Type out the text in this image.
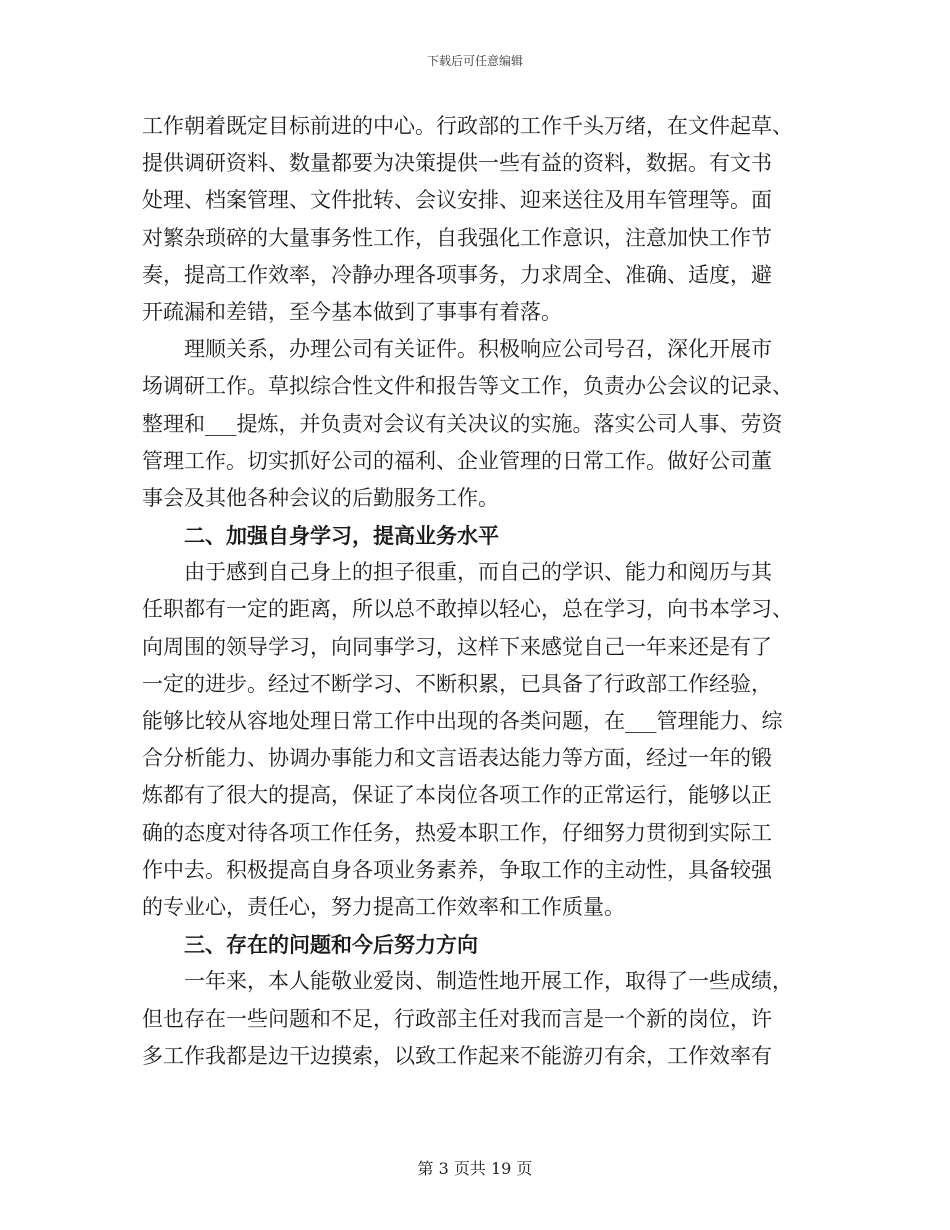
下载后可任意编辑
工作朝着既定目标前进的中心。行政部的工作千头万绪，在文件起草、
提供调研资料、数量都要为决策提供一些有益的资料，数据。有文书
处理、档案管理、文件批转、会议安排、迎来送往及用车管理等。面
对繁杂琐碎的大量事务性工作，自我强化工作意识，注意加快工作节
奏，提高工作效率，冷静办理各项事务，力求周全、准确、适度，避
开疏漏和差错，至今基本做到了事事有着落。
理顺关系，办理公司有关证件。积极响应公司号召，深化开展市
场调研工作。草拟综合性文件和报告等文工作，负责办公会议的记录、
整理和___提炼，并负责对会议有关决议的实施。落实公司人事、劳资
管理工作。切实抓好公司的福利、企业管理的日常工作。做好公司董
事会及其他各种会议的后勤服务工作。
二、加强自身学习，提高业务水平
由于感到自己身上的担子很重，而自己的学识、能力和阅历与其
任职都有一定的距离，所以总不敢掉以轻心，总在学习，向书本学习、
向周围的领导学习，向同事学习，这样下来感觉自己一年来还是有了
一定的进步。经过不断学习、不断积累，已具备了行政部工作经验，
能够比较从容地处理日常工作中出现的各类问题，在___管理能力、综
合分析能力、协调办事能力和文言语表达能力等方面，经过一年的锻
炼都有了很大的提高，保证了本岗位各项工作的正常运行，能够以正
确的态度对待各项工作任务，热爱本职工作，仔细努力贯彻到实际工
作中去。积极提高自身各项业务素养，争取工作的主动性，具备较强
的专业心，责任心，努力提高工作效率和工作质量。
三、存在的问题和今后努力方向
一年来，本人能敬业爱岗、制造性地开展工作，取得了一些成绩，
但也存在一些问题和不足，行政部主任对我而言是一个新的岗位，许
多工作我都是边干边摸索，以致工作起来不能游刃有余，工作效率有
第 3 页共 19 页
